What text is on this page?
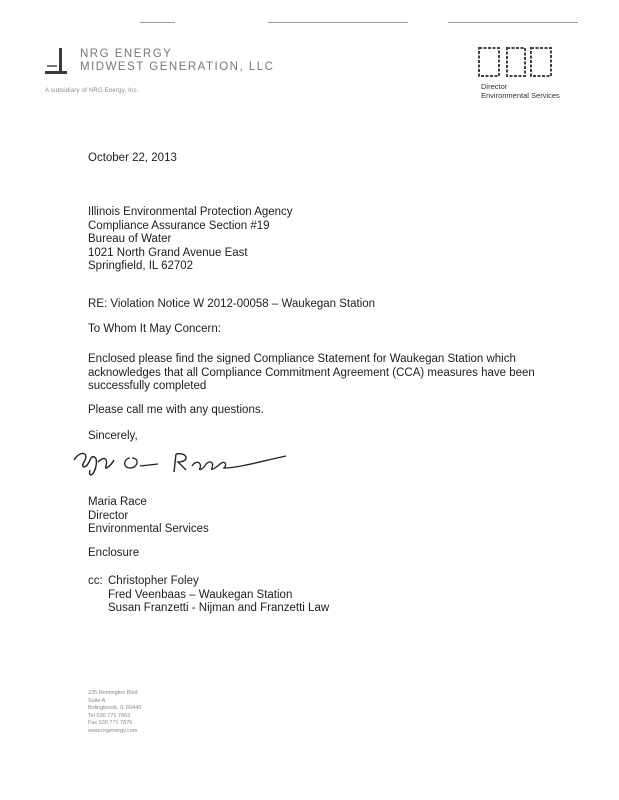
NRG ENERGY
MIDWEST GENERATION, LLC
A subsidiary of NRG Energy, Inc.	Director
Environmental Services
October 22, 2013
Illinois Environmental Protection Agency
Compliance Assurance Section #19
Bureau of Water
1021 North Grand Avenue East
Springfield, IL 62702
RE: Violation Notice W 2012-00058 – Waukegan Station
To Whom It May Concern:
Enclosed please find the signed Compliance Statement for Waukegan Station which
acknowledges that all Compliance Commitment Agreement (CCA) measures have been
successfully completed
Please call me with any questions.
Sincerely,
Maria Race
Director
Environmental Services
Enclosure
cc: Christopher Foley
Fred Veenbaas – Waukegan Station
Susan Franzetti - Nijman and Franzetti Law
235 Remington Blvd
Suite A
Bolingbrook, IL 60440
Tel 630 771 7863
Fax 630 771 7876
www.nrgenergy.com
